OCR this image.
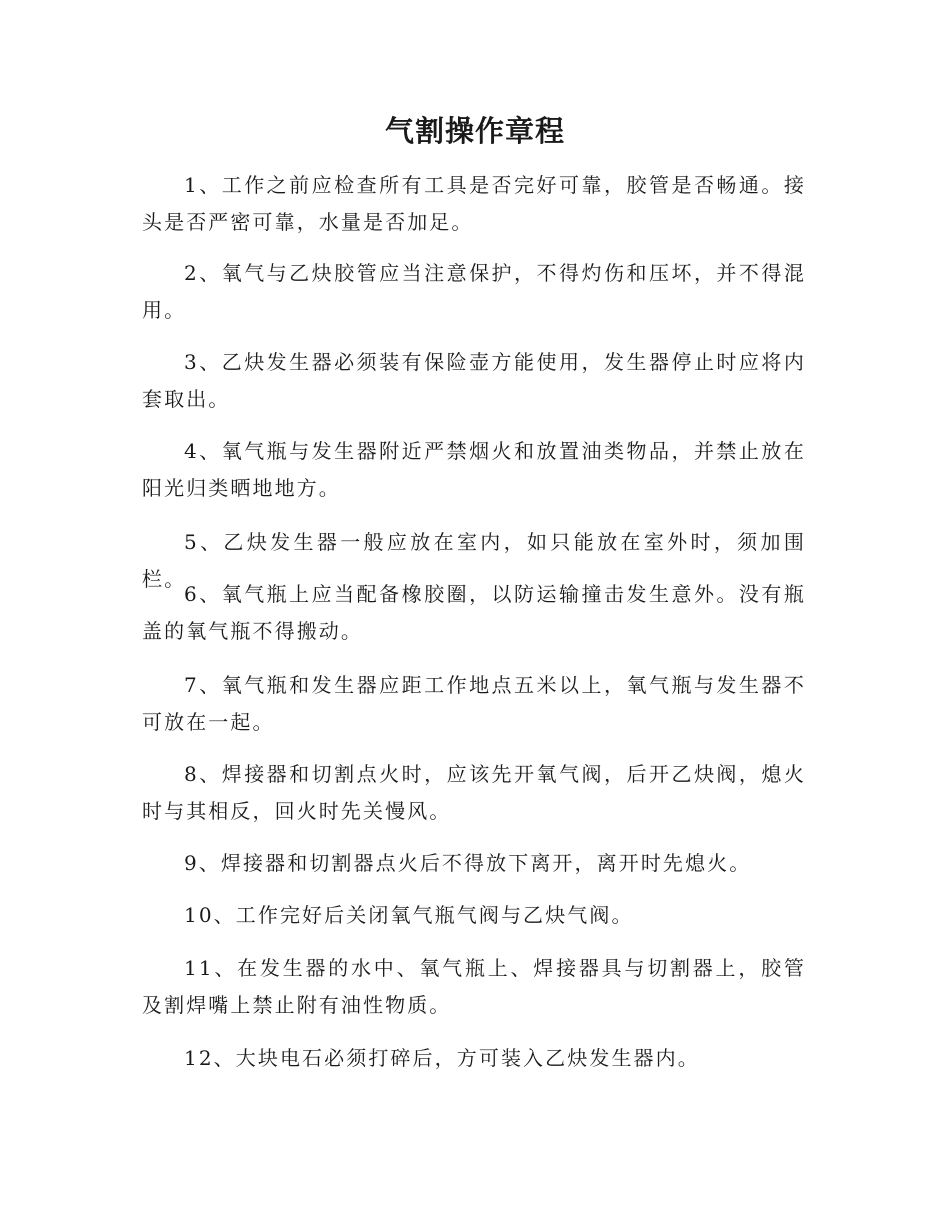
气割操作章程

1、工作之前应检查所有工具是否完好可靠，胶管是否畅通。接头是否严密可靠，水量是否加足。

2、氧气与乙炔胶管应当注意保护，不得灼伤和压坏，并不得混用。

3、乙炔发生器必须装有保险壶方能使用，发生器停止时应将内套取出。

4、氧气瓶与发生器附近严禁烟火和放置油类物品，并禁止放在阳光归类晒地地方。

5、乙炔发生器一般应放在室内，如只能放在室外时，须加围栏。

6、氧气瓶上应当配备橡胶圈，以防运输撞击发生意外。没有瓶盖的氧气瓶不得搬动。

7、氧气瓶和发生器应距工作地点五米以上，氧气瓶与发生器不可放在一起。

8、焊接器和切割点火时，应该先开氧气阀，后开乙炔阀，熄火时与其相反，回火时先关慢风。

9、焊接器和切割器点火后不得放下离开，离开时先熄火。

10、工作完好后关闭氧气瓶气阀与乙炔气阀。

11、在发生器的水中、氧气瓶上、焊接器具与切割器上，胶管及割焊嘴上禁止附有油性物质。

12、大块电石必须打碎后，方可装入乙炔发生器内。
